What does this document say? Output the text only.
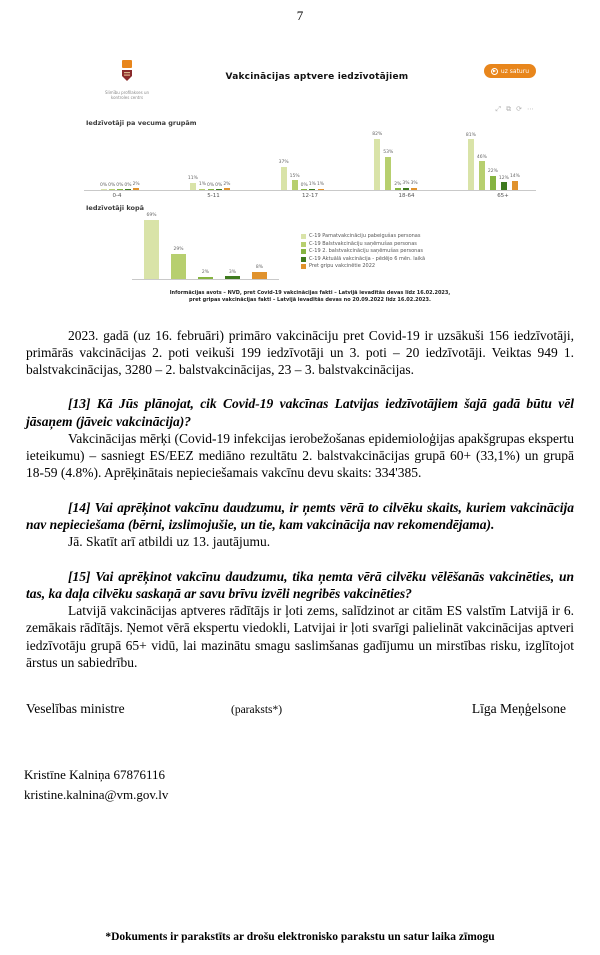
7
Slimību profilakses un kontroles centrs
Vakcinācijas aptvere iedzīvotājiem
▶ uz saturu
⤢ ⧉ ⟳ ⋯
Iedzīvotāji pa vecuma grupām
0% 0% 0% 0% 2%
11%
1% 0% 0% 2%
37%
15%
0% 1% 1%
82%
53%
2% 3% 3%
81%
46%
22%
12% 14%
0-4	5-11	12-17	18-64	65+
Iedzīvotāji kopā
69%
29%
2%	3%
8%
C-19 Pamatvakcināciju pabeigušas personas
C-19 Balstvakcināciju saņēmušas personas
C-19 2. balstvakcināciju saņēmušas personas
C-19 Aktuālā vakcinācija - pēdējo 6 mēn. laikā
Pret gripu vakcinētie 2022
Informācijas avots – NVD, pret Covid-19 vakcinācijas fakti – Latvijā ievadītās devas līdz 16.02.2023,
pret gripas vakcinācijas fakti – Latvijā ievadītās devas no 20.09.2022 līdz 16.02.2023.

2023. gadā (uz 16. februāri) primāro vakcināciju pret Covid-19 ir uzsākuši 156 iedzīvotāji, primārās vakcinācijas 2. poti veikuši 199 iedzīvotāji un 3. poti – 20 iedzīvotāji. Veiktas 949 1. balstvakcinācijas, 3280 – 2. balstvakcinācijas, 23 – 3. balstvakcinācijas.

[13] Kā Jūs plānojat, cik Covid-19 vakcīnas Latvijas iedzīvotājiem šajā gadā būtu vēl jāsaņem (jāveic vakcinācija)?

Vakcinācijas mērķi (Covid-19 infekcijas ierobežošanas epidemioloģijas apakšgrupas ekspertu ieteikumu) – sasniegt ES/EEZ mediāno rezultātu 2. balstvakcinācijas grupā 60+ (33,1%) un grupā 18-59 (4.8%). Aprēķinātais nepieciešamais vakcīnu devu skaits: 334'385.

[14] Vai aprēķinot vakcīnu daudzumu, ir ņemts vērā to cilvēku skaits, kuriem vakcinācija nav nepieciešama (bērni, izslimojušie, un tie, kam vakcinācija nav rekomendējama).

Jā. Skatīt arī atbildi uz 13. jautājumu.

[15] Vai aprēķinot vakcīnu daudzumu, tika ņemta vērā cilvēku vēlēšanās vakcinēties, un tas, ka daļa cilvēku saskaņā ar savu brīvu izvēli negribēs vakcinēties?

Latvijā vakcinācijas aptveres rādītājs ir ļoti zems, salīdzinot ar citām ES valstīm Latvijā ir 6. zemākais rādītājs. Ņemot vērā ekspertu viedokli, Latvijai ir ļoti svarīgi palielināt vakcinācijas aptveri iedzīvotāju grupā 65+ vidū, lai mazinātu smagu saslimšanas gadījumu un mirstības risku, izglītojot ārstus un sabiedrību.

Veselības ministre	(paraksts*)	Līga Meņģelsone
Kristīne Kalniņa 67876116
kristine.kalnina@vm.gov.lv
*Dokuments ir parakstīts ar drošu elektronisko parakstu un satur laika zīmogu
